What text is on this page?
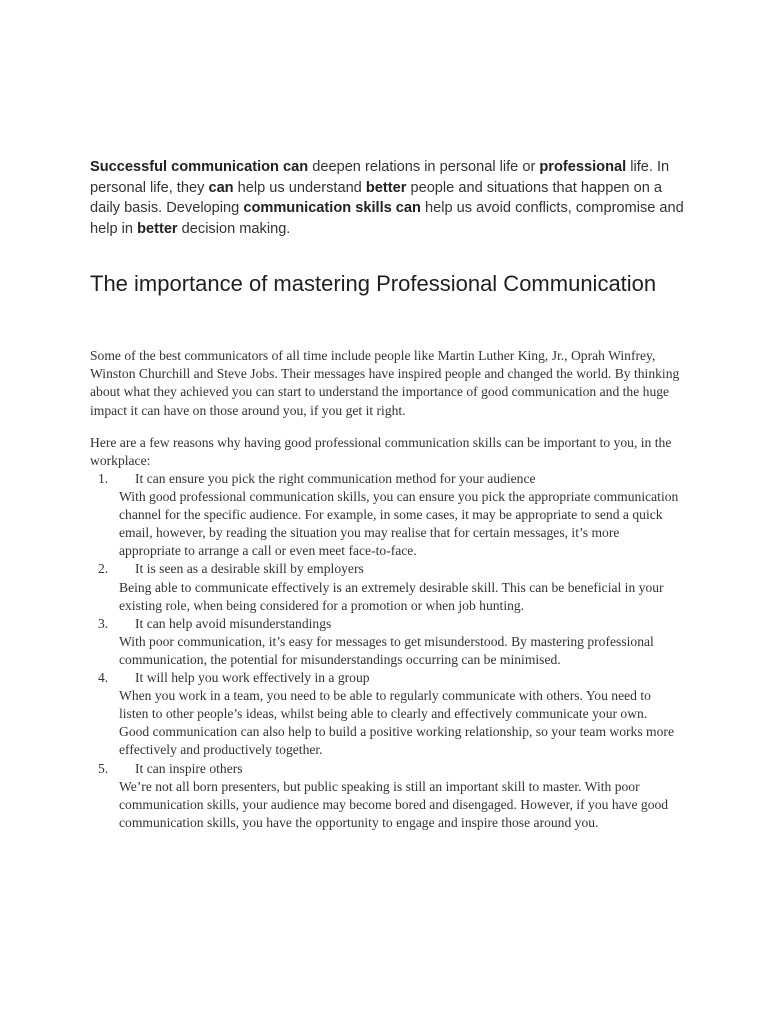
Successful communication can deepen relations in personal life or professional life. In personal life, they can help us understand better people and situations that happen on a daily basis. Developing communication skills can help us avoid conflicts, compromise and help in better decision making.

The importance of mastering Professional Communication

Some of the best communicators of all time include people like Martin Luther King, Jr., Oprah Winfrey, Winston Churchill and Steve Jobs. Their messages have inspired people and changed the world. By thinking about what they achieved you can start to understand the importance of good communication and the huge impact it can have on those around you, if you get it right.

Here are a few reasons why having good professional communication skills can be important to you, in the workplace:

1. It can ensure you pick the right communication method for your audience
With good professional communication skills, you can ensure you pick the appropriate communication channel for the specific audience. For example, in some cases, it may be appropriate to send a quick email, however, by reading the situation you may realise that for certain messages, it’s more appropriate to arrange a call or even meet face-to-face.
2. It is seen as a desirable skill by employers
Being able to communicate effectively is an extremely desirable skill. This can be beneficial in your existing role, when being considered for a promotion or when job hunting.
3. It can help avoid misunderstandings
With poor communication, it’s easy for messages to get misunderstood. By mastering professional communication, the potential for misunderstandings occurring can be minimised.
4. It will help you work effectively in a group
When you work in a team, you need to be able to regularly communicate with others. You need to listen to other people’s ideas, whilst being able to clearly and effectively communicate your own. Good communication can also help to build a positive working relationship, so your team works more effectively and productively together.
5. It can inspire others
We’re not all born presenters, but public speaking is still an important skill to master. With poor communication skills, your audience may become bored and disengaged. However, if you have good communication skills, you have the opportunity to engage and inspire those around you.
